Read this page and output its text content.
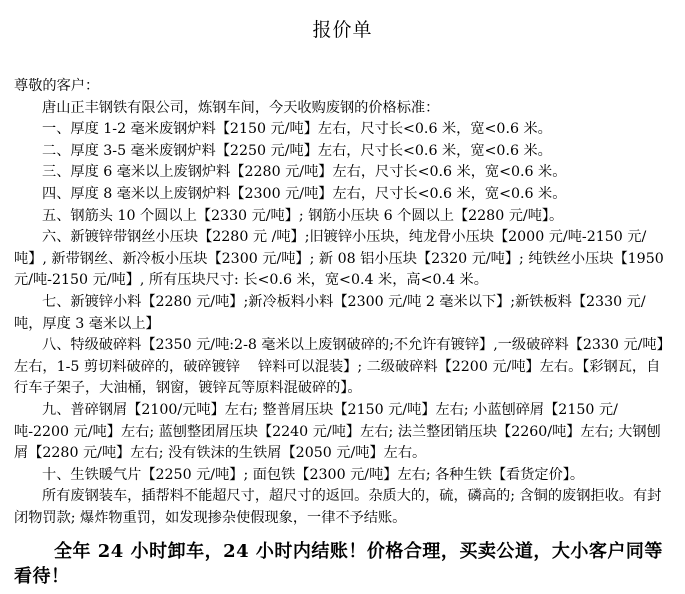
报价单

尊敬的客户：

唐山正丰钢铁有限公司，炼钢车间，今天收购废钢的价格标准：

一、厚度 1-2 毫米废钢炉料【2150 元/吨】左右，尺寸长<0.6 米，宽<0.6 米。

二、厚度 3-5 毫米废钢炉料【2250 元/吨】左右，尺寸长<0.6 米，宽<0.6 米。

三、厚度 6 毫米以上废钢炉料【2280 元/吨】左右，尺寸长<0.6 米，宽<0.6 米。

四、厚度 8 毫米以上废钢炉料【2300 元/吨】左右，尺寸长<0.6 米，宽<0.6 米。

五、钢筋头 10 个圆以上【2330 元/吨】; 钢筋小压块 6 个圆以上【2280 元/吨】。

六、新镀锌带钢丝小压块【2280 元 /吨】;旧镀锌小压块，纯龙骨小压块【2000 元/吨-2150 元/吨】, 新带钢丝、新冷板小压块【2300 元/吨】; 新 08 铝小压块【2320 元/吨】; 纯铁丝小压块【1950 元/吨-2150 元/吨】, 所有压块尺寸: 长<0.6 米，宽<0.4 米，高<0.4 米。

七、新镀锌小料【2280 元/吨】;新冷板料小料【2300 元/吨 2 毫米以下】;新铁板料【2330 元/吨，厚度 3 毫米以上】

八、特级破碎料【2350 元/吨:2-8 毫米以上废钢破碎的;不允许有镀锌】,一级破碎料【2330 元/吨】左右，1-5 剪切料破碎的，破碎镀锌    锌料可以混装】; 二级破碎料【2200 元/吨】左右。【彩钢瓦，自行车子架子，大油桶，钢窗，镀锌瓦等原料混破碎的】。

九、普碎钢屑【2100/元吨】左右; 整普屑压块【2150 元/吨】左右; 小蓝刨碎屑【2150 元/吨-2200 元/吨】左右; 蓝刨整团屑压块【2240 元/吨】左右; 法兰整团销压块【2260/吨】左右; 大钢刨屑【2280 元/吨】左右; 没有铁沫的生铁屑【2050 元/吨】左右。

十、生铁暖气片【2250 元/吨】; 面包铁【2300 元/吨】左右; 各种生铁【看货定价】。

所有废钢装车，插帮料不能超尺寸，超尺寸的返回。杂质大的，硫，磷高的; 含铜的废钢拒收。有封闭物罚款; 爆炸物重罚，如发现掺杂使假现象，一律不予结账。

全年 24 小时卸车，24 小时内结账！价格合理，买卖公道，大小客户同等看待！
